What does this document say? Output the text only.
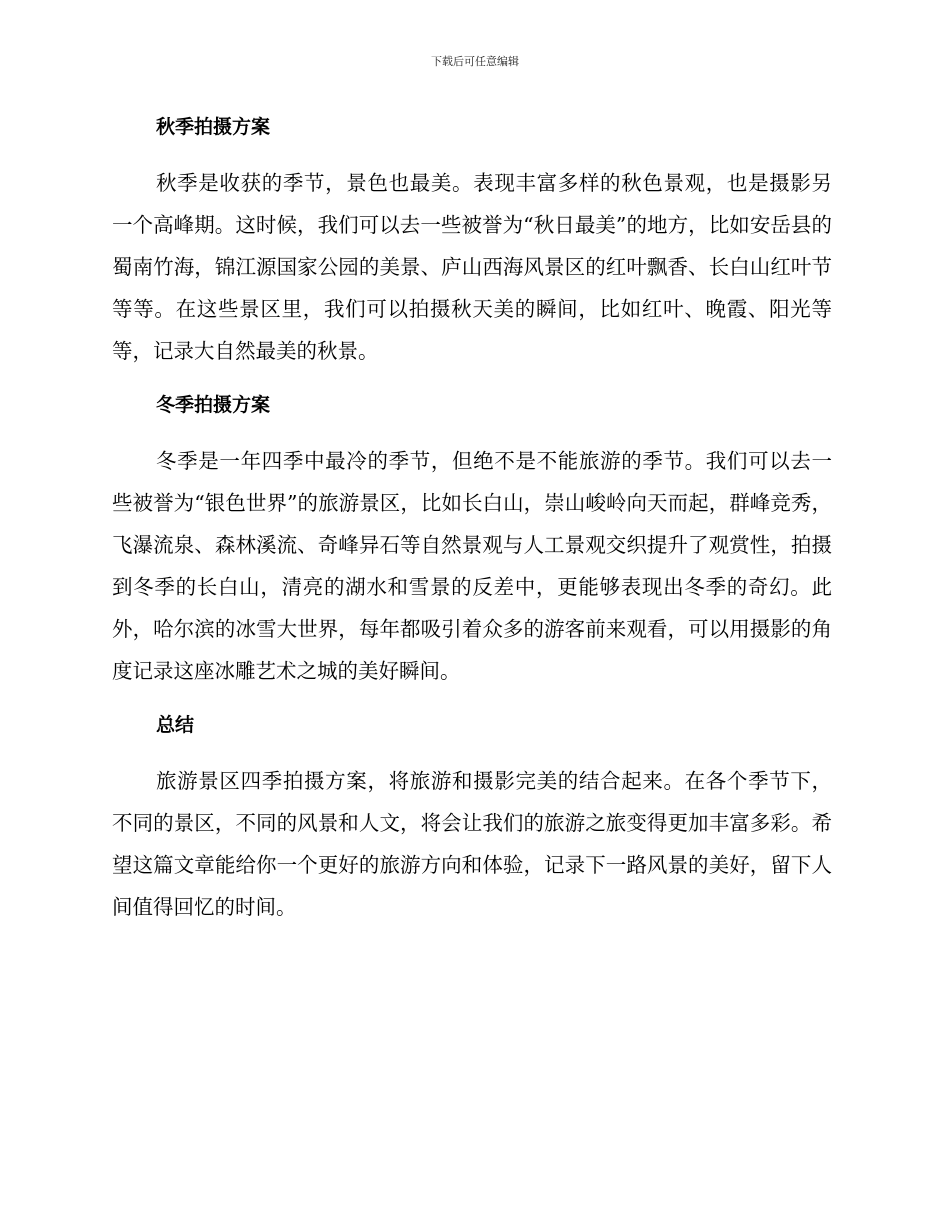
下载后可任意编辑
秋季拍摄方案

秋季是收获的季节，景色也最美。表现丰富多样的秋色景观，也是摄影另一个高峰期。这时候，我们可以去一些被誉为“秋日最美”的地方，比如安岳县的蜀南竹海，锦江源国家公园的美景、庐山西海风景区的红叶飘香、长白山红叶节等等。在这些景区里，我们可以拍摄秋天美的瞬间，比如红叶、晚霞、阳光等等，记录大自然最美的秋景。

冬季拍摄方案

冬季是一年四季中最冷的季节，但绝不是不能旅游的季节。我们可以去一些被誉为“银色世界”的旅游景区，比如长白山，崇山峻岭向天而起，群峰竞秀，飞瀑流泉、森林溪流、奇峰异石等自然景观与人工景观交织提升了观赏性，拍摄到冬季的长白山，清亮的湖水和雪景的反差中，更能够表现出冬季的奇幻。此外，哈尔滨的冰雪大世界，每年都吸引着众多的游客前来观看，可以用摄影的角度记录这座冰雕艺术之城的美好瞬间。

总结

旅游景区四季拍摄方案，将旅游和摄影完美的结合起来。在各个季节下，不同的景区，不同的风景和人文，将会让我们的旅游之旅变得更加丰富多彩。希望这篇文章能给你一个更好的旅游方向和体验，记录下一路风景的美好，留下人间值得回忆的时间。
